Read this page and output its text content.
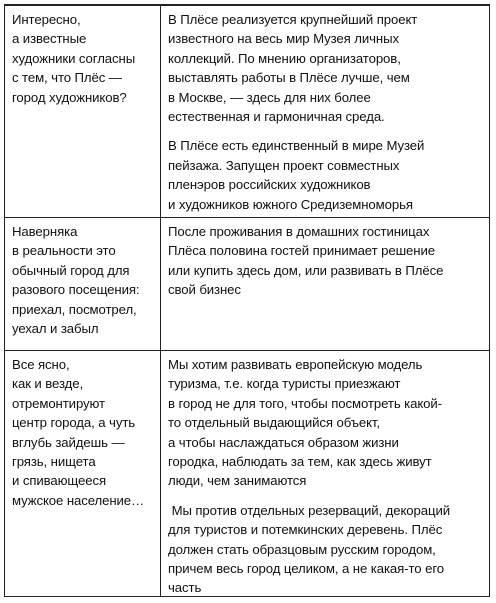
Интересно,
а известные
художники согласны
с тем, что Плёс —
город художников?
В Плёсе реализуется крупнейший проект
известного на весь мир Музея личных
коллекций. По мнению организаторов,
выставлять работы в Плёсе лучше, чем
в Москве, — здесь для них более
естественная и гармоничная среда.
В Плёсе есть единственный в мире Музей
пейзажа. Запущен проект совместных
пленэров российских художников
и художников южного Средиземноморья
Наверняка
в реальности это
обычный город для
разового посещения:
приехал, посмотрел,
уехал и забыл
После проживания в домашних гостиницах
Плёса половина гостей принимает решение
или купить здесь дом, или развивать в Плёсе
свой бизнес
Все ясно,
как и везде,
отремонтируют
центр города, а чуть
вглубь зайдешь —
грязь, нищета
и спивающееся
мужское население…
Мы хотим развивать европейскую модель
туризма, т.е. когда туристы приезжают
в город не для того, чтобы посмотреть какой-
то отдельный выдающийся объект,
а чтобы наслаждаться образом жизни
городка, наблюдать за тем, как здесь живут
люди, чем занимаются
Мы против отдельных резерваций, декораций
для туристов и потемкинских деревень. Плёс
должен стать образцовым русским городом,
причем весь город целиком, а не какая-то его
часть
